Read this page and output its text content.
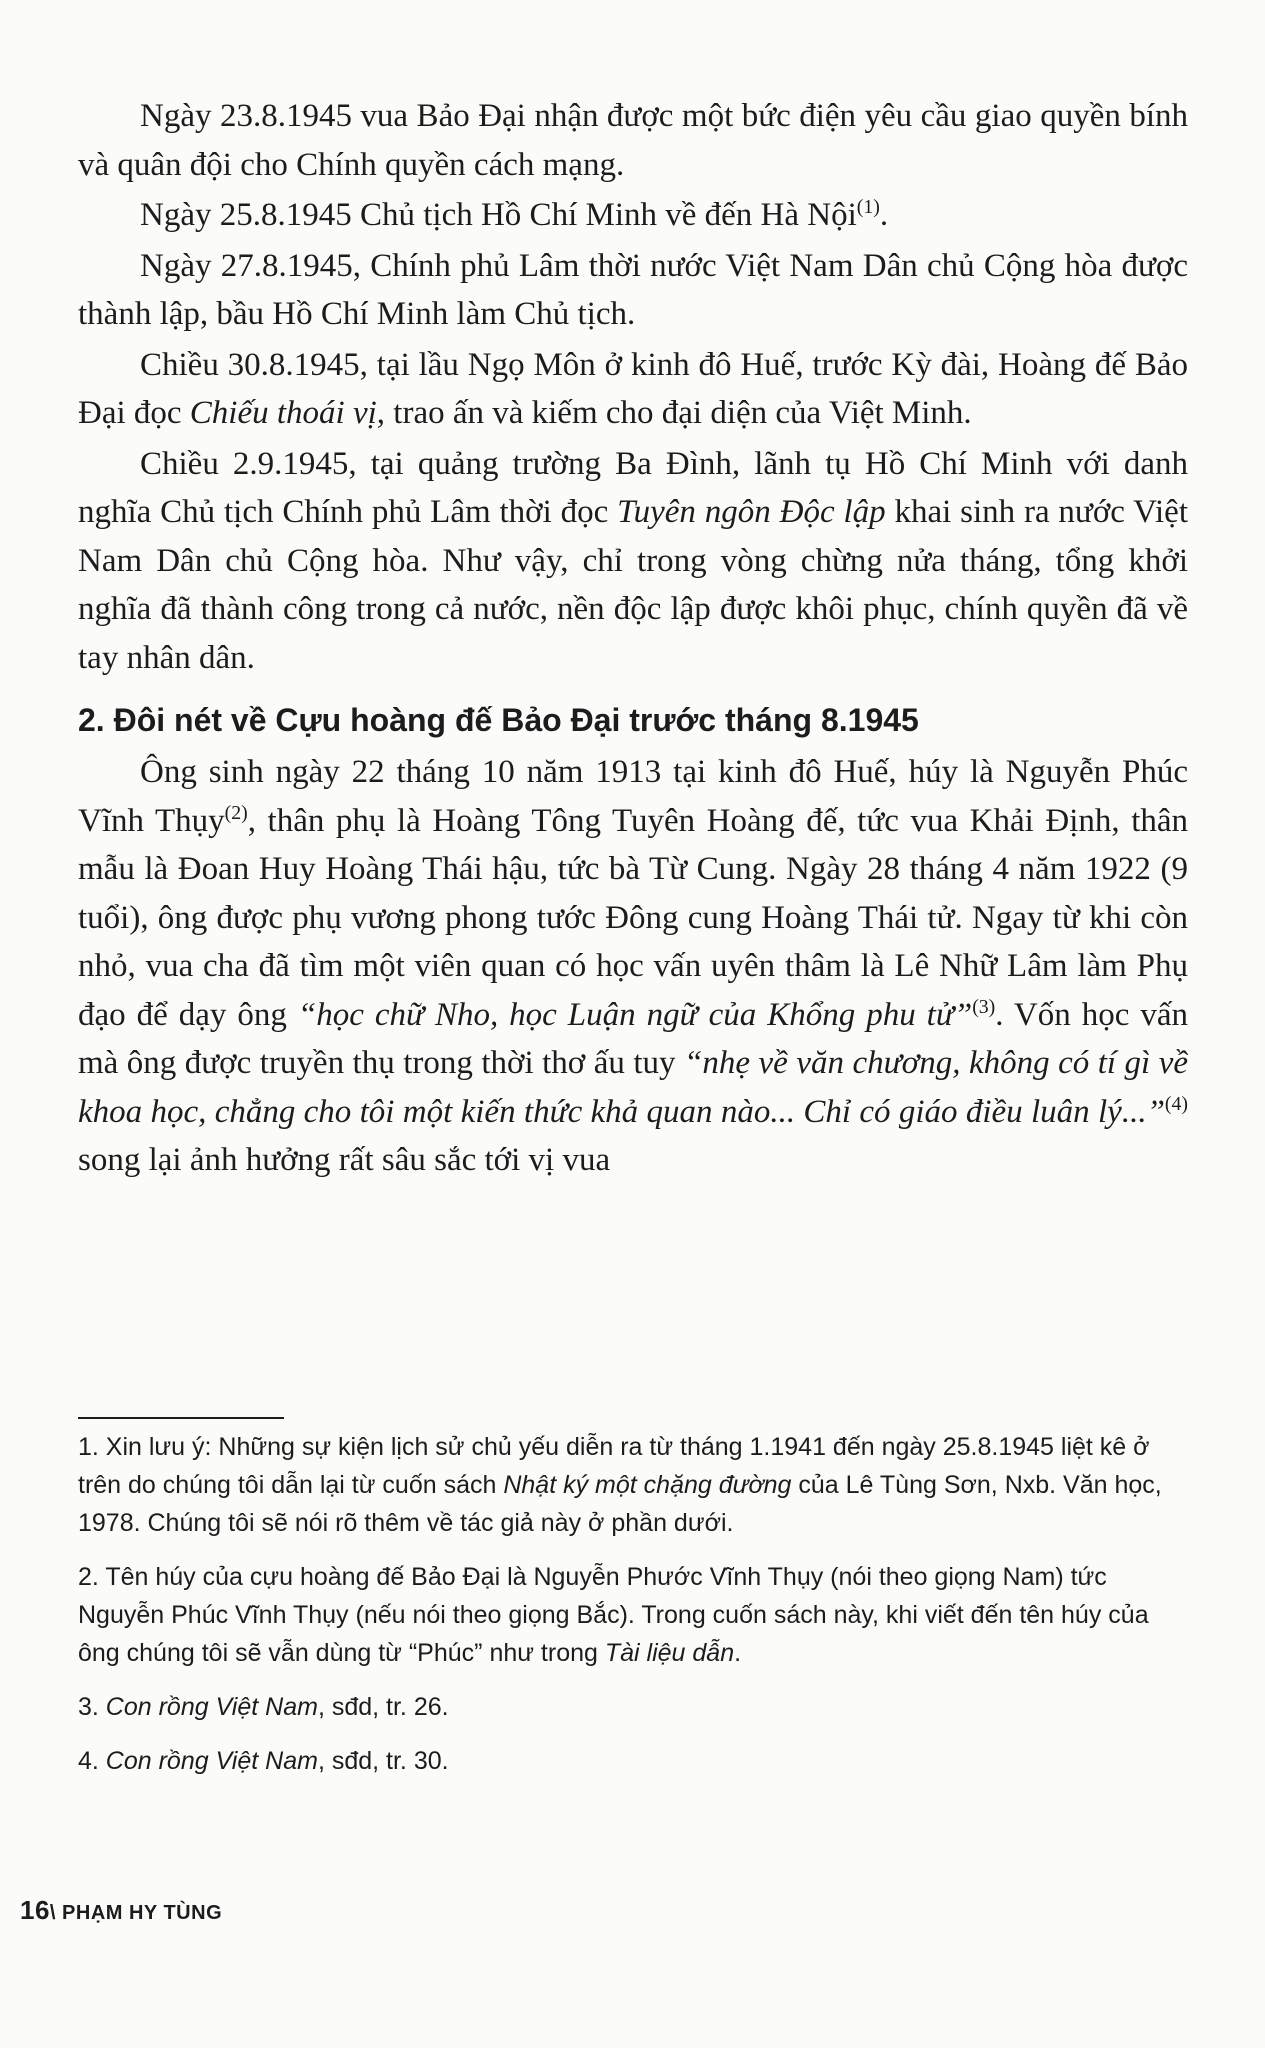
Ngày 23.8.1945 vua Bảo Đại nhận được một bức điện yêu cầu giao quyền bính và quân đội cho Chính quyền cách mạng.

Ngày 25.8.1945 Chủ tịch Hồ Chí Minh về đến Hà Nội$^{(1)}$.

Ngày 27.8.1945, Chính phủ Lâm thời nước Việt Nam Dân chủ Cộng hòa được thành lập, bầu Hồ Chí Minh làm Chủ tịch.

Chiều 30.8.1945, tại lầu Ngọ Môn ở kinh đô Huế, trước Kỳ đài, Hoàng đế Bảo Đại đọc Chiếu thoái vị, trao ấn và kiếm cho đại diện của Việt Minh.

Chiều 2.9.1945, tại quảng trường Ba Đình, lãnh tụ Hồ Chí Minh với danh nghĩa Chủ tịch Chính phủ Lâm thời đọc Tuyên ngôn Độc lập khai sinh ra nước Việt Nam Dân chủ Cộng hòa. Như vậy, chỉ trong vòng chừng nửa tháng, tổng khởi nghĩa đã thành công trong cả nước, nền độc lập được khôi phục, chính quyền đã về tay nhân dân.

2. Đôi nét về Cựu hoàng đế Bảo Đại trước tháng 8.1945

Ông sinh ngày 22 tháng 10 năm 1913 tại kinh đô Huế, húy là Nguyễn Phúc Vĩnh Thụy$^{(2)}$, thân phụ là Hoàng Tông Tuyên Hoàng đế, tức vua Khải Định, thân mẫu là Đoan Huy Hoàng Thái hậu, tức bà Từ Cung. Ngày 28 tháng 4 năm 1922 (9 tuổi), ông được phụ vương phong tước Đông cung Hoàng Thái tử. Ngay từ khi còn nhỏ, vua cha đã tìm một viên quan có học vấn uyên thâm là Lê Nhữ Lâm làm Phụ đạo để dạy ông “học chữ Nho, học Luận ngữ của Khổng phu tử”$^{(3)}$. Vốn học vấn mà ông được truyền thụ trong thời thơ ấu tuy “nhẹ về văn chương, không có tí gì về khoa học, chẳng cho tôi một kiến thức khả quan nào... Chỉ có giáo điều luân lý...”$^{(4)}$ song lại ảnh hưởng rất sâu sắc tới vị vua

1. Xin lưu ý: Những sự kiện lịch sử chủ yếu diễn ra từ tháng 1.1941 đến ngày 25.8.1945 liệt kê ở trên do chúng tôi dẫn lại từ cuốn sách Nhật ký một chặng đường của Lê Tùng Sơn, Nxb. Văn học, 1978. Chúng tôi sẽ nói rõ thêm về tác giả này ở phần dưới.

2. Tên húy của cựu hoàng đế Bảo Đại là Nguyễn Phước Vĩnh Thụy (nói theo giọng Nam) tức Nguyễn Phúc Vĩnh Thụy (nếu nói theo giọng Bắc). Trong cuốn sách này, khi viết đến tên húy của ông chúng tôi sẽ vẫn dùng từ “Phúc” như trong Tài liệu dẫn.

3. Con rồng Việt Nam, sđd, tr. 26.

4. Con rồng Việt Nam, sđd, tr. 30.

16\ PHẠM HY TÙNG
